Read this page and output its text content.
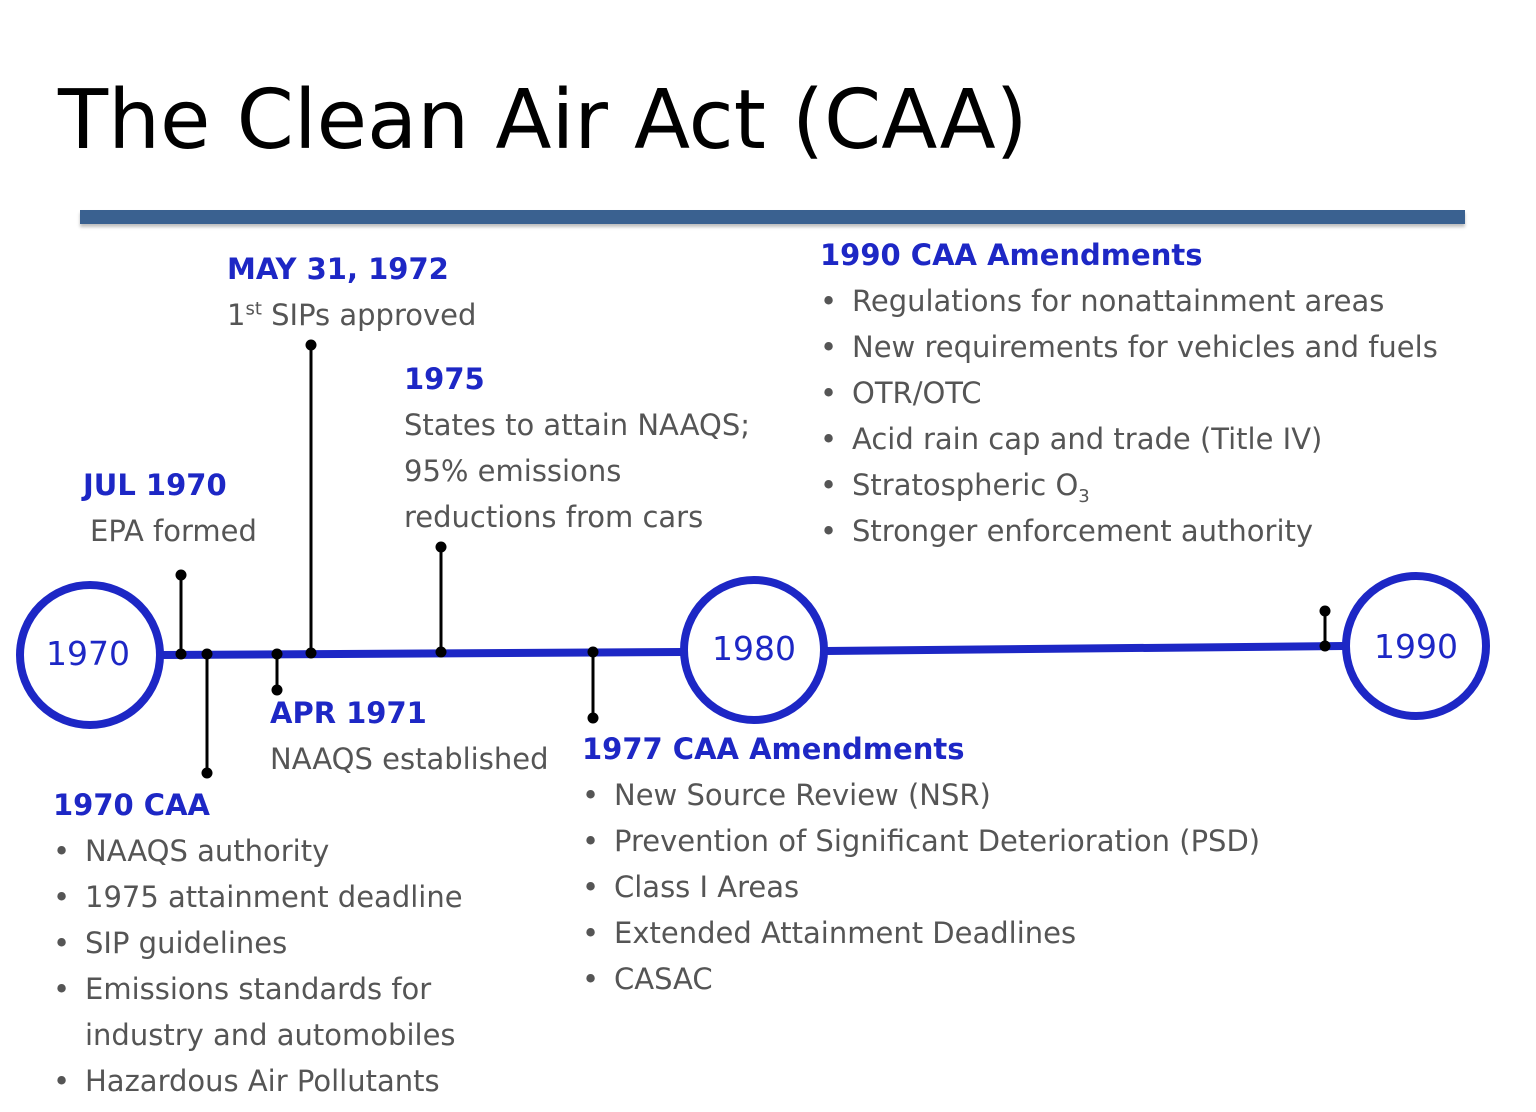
The Clean Air Act (CAA)
1970	1980	1990
MAY 31, 1972
1st SIPs approved
1975
States to attain NAAQS;
95% emissions
reductions from cars
JUL 1970
EPA formed
APR 1971
NAAQS established
1970 CAA
• NAAQS authority
• 1975 attainment deadline
• SIP guidelines
• Emissions standards for
industry and automobiles
• Hazardous Air Pollutants
1977 CAA Amendments
• New Source Review (NSR)
• Prevention of Significant Deterioration (PSD)
• Class I Areas
• Extended Attainment Deadlines
• CASAC
1990 CAA Amendments
• Regulations for nonattainment areas
• New requirements for vehicles and fuels
• OTR/OTC
• Acid rain cap and trade (Title IV)
• Stratospheric $O_3$
• Stronger enforcement authority
